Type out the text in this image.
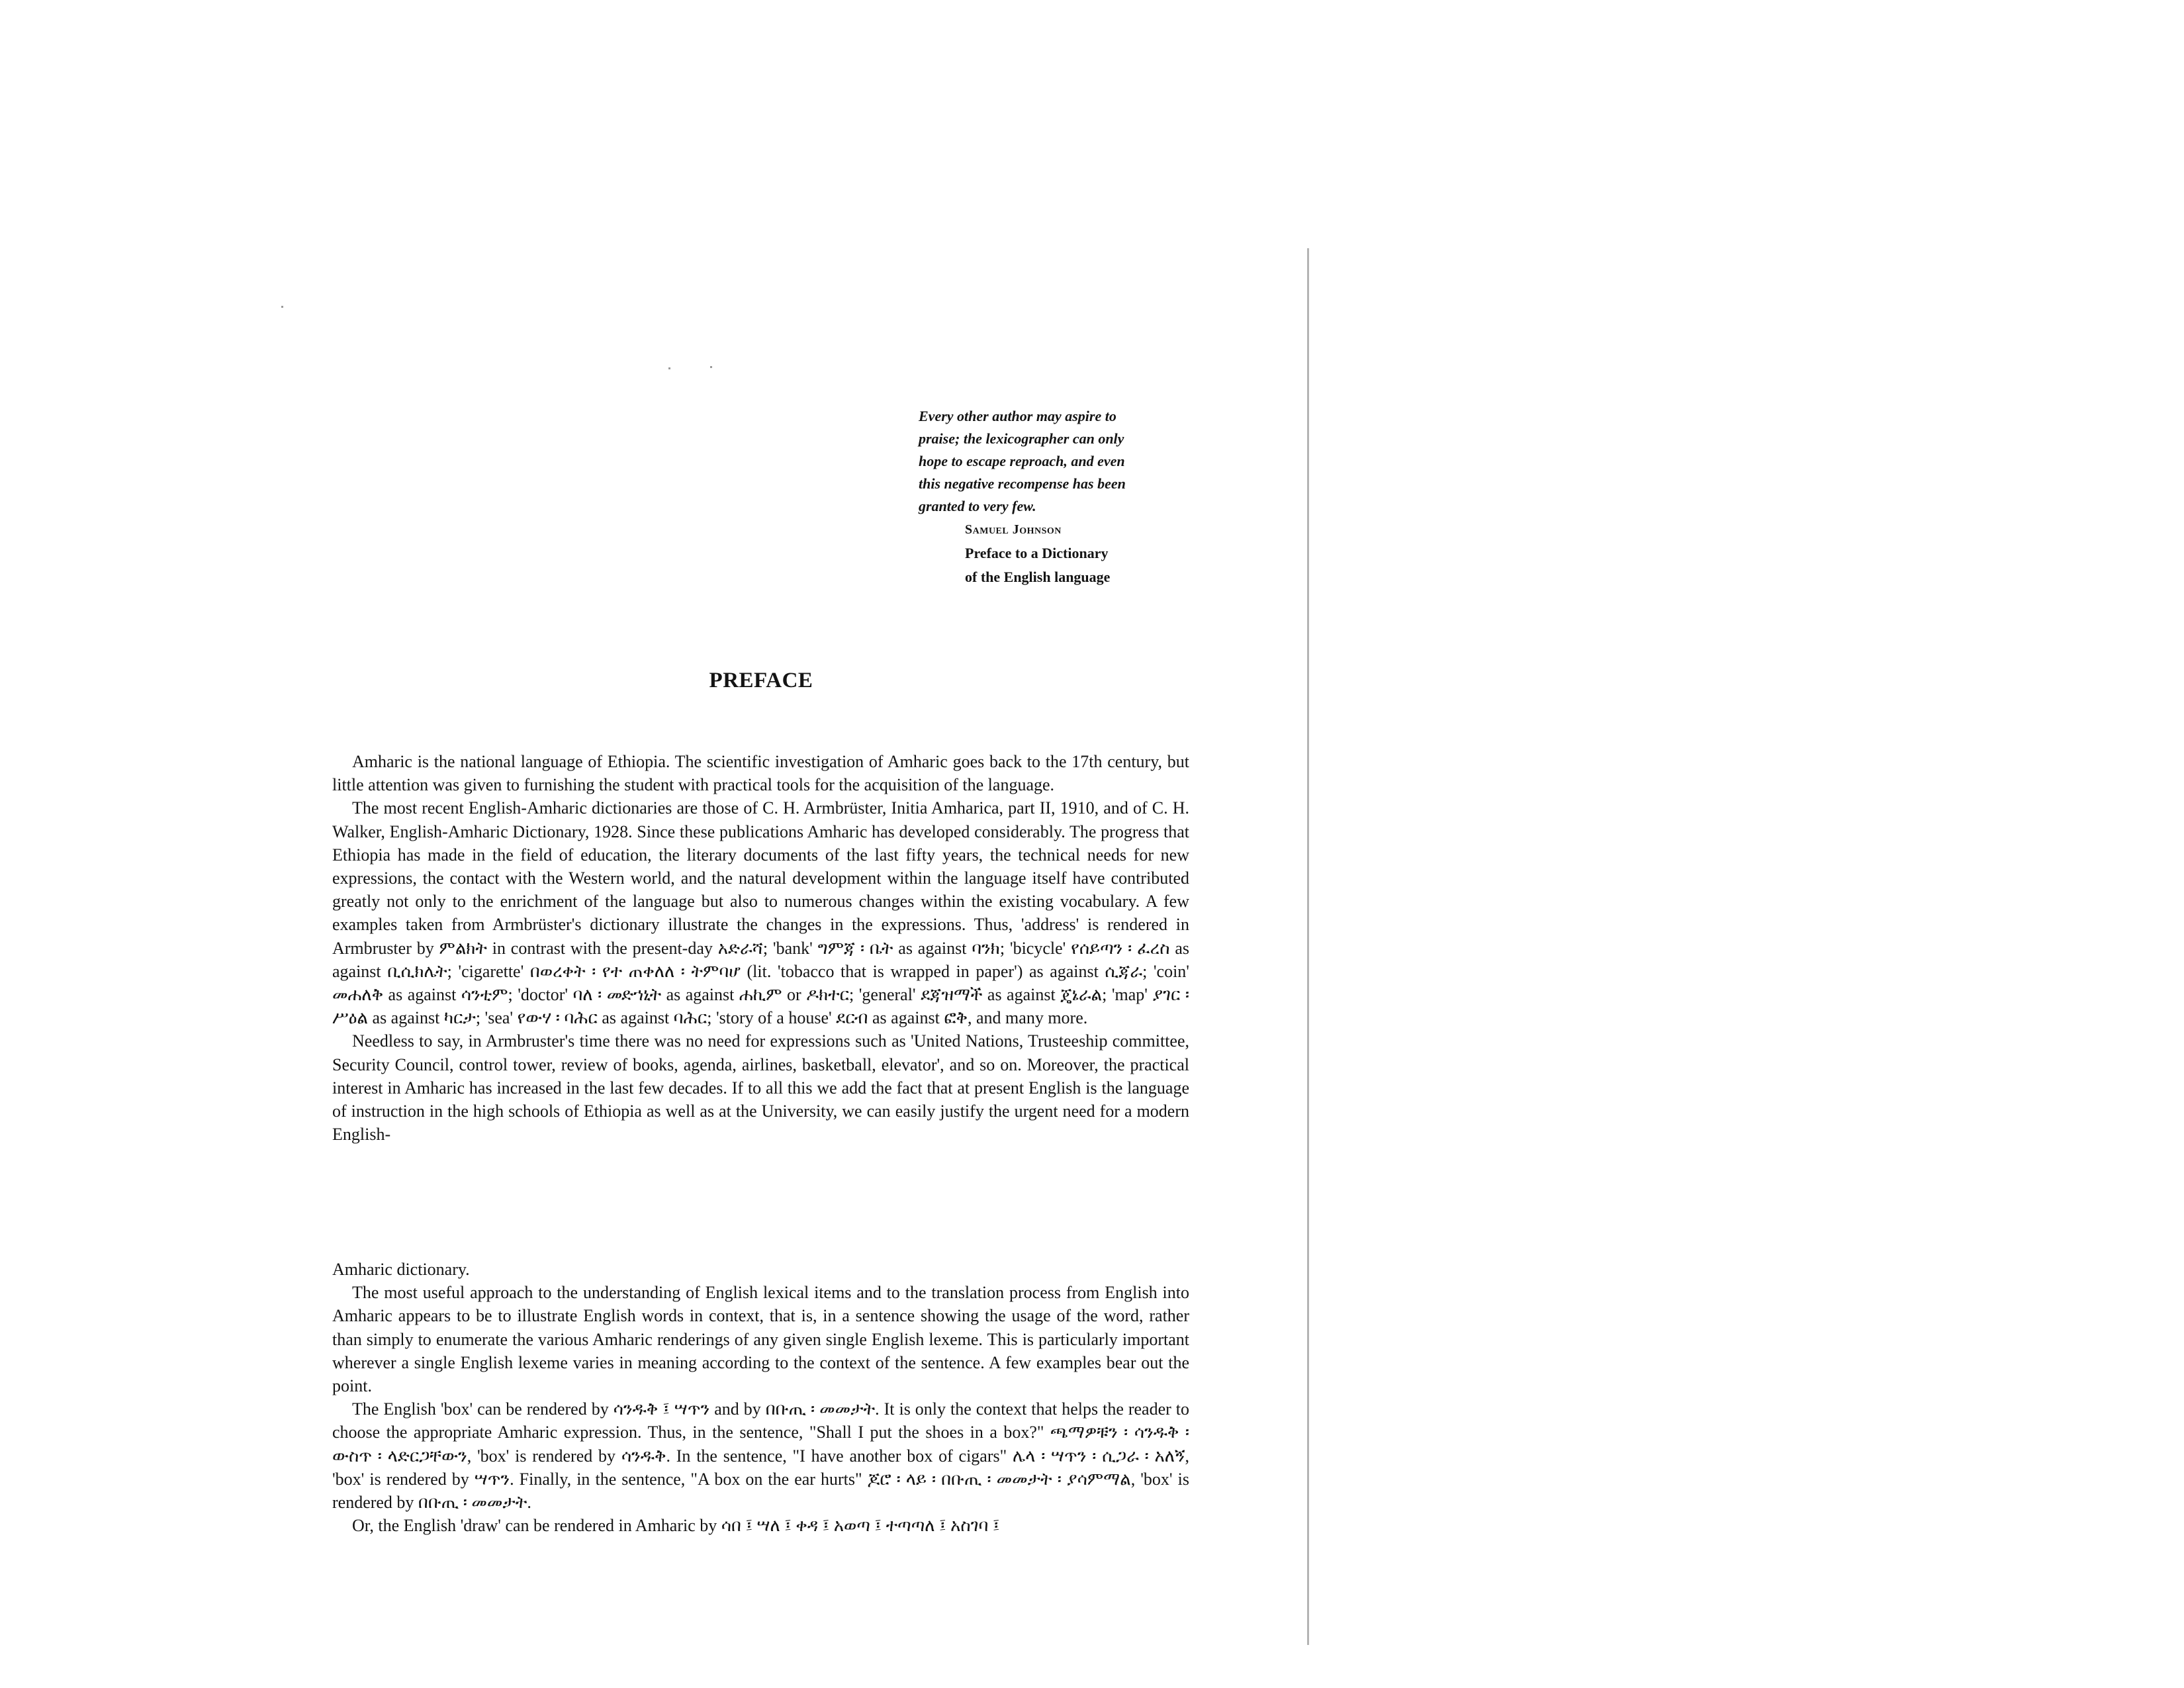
Every other author may aspire to
praise; the lexicographer can only
hope to escape reproach, and even
this negative recompense has been
granted to very few.
Samuel Johnson
Preface to a Dictionary
of the English language
PREFACE

Amharic is the national language of Ethiopia. The scientific investigation of Amharic goes back to the 17th century, but little attention was given to furnishing the student with practical tools for the acquisition of the language.

The most recent English-Amharic dictionaries are those of C. H. Armbrüster, Initia Amharica, part II, 1910, and of C. H. Walker, English-Amharic Dictionary, 1928. Since these publications Amharic has developed considerably. The progress that Ethiopia has made in the field of education, the literary documents of the last fifty years, the technical needs for new expressions, the contact with the Western world, and the natural development within the language itself have contributed greatly not only to the enrichment of the language but also to numerous changes within the existing vocabulary. A few examples taken from Armbrüster's dictionary illustrate the changes in the expressions. Thus, 'address' is rendered in Armbruster by ምልክት in contrast with the present-day አድራሻ; 'bank' ግምጃ ፡ ቤት as against ባንክ; 'bicycle' የሰይጣን ፡ ፈረስ as against ቢሲክሌት; 'cigarette' በወረቀት ፡ የተ ጠቀለለ ፡ ትምባሆ (lit. 'tobacco that is wrapped in paper') as against ሲጃራ; 'coin' መሐለቅ as against ሳንቲም; 'doctor' ባለ ፡ መድኀኒት as against ሐኪም or ዶክተር; 'general' ደጃዝማች as against ጄኔራል; 'map' ያገር ፡ ሥዕል as against ካርታ; 'sea' የውሃ ፡ ባሕር as against ባሕር; 'story of a house' ደርብ as against ፎቅ, and many more.

Needless to say, in Armbruster's time there was no need for expressions such as 'United Nations, Trusteeship committee, Security Council, control tower, review of books, agenda, airlines, basketball, elevator', and so on. Moreover, the practical interest in Amharic has increased in the last few decades. If to all this we add the fact that at present English is the language of instruction in the high schools of Ethiopia as well as at the University, we can easily justify the urgent need for a modern English-

Amharic dictionary.

The most useful approach to the understanding of English lexical items and to the translation process from English into Amharic appears to be to illustrate English words in context, that is, in a sentence showing the usage of the word, rather than simply to enumerate the various Amharic renderings of any given single English lexeme. This is particularly important wherever a single English lexeme varies in meaning according to the context of the sentence. A few examples bear out the point.

The English 'box' can be rendered by ሳንዱቅ ፤ ሣጥን and by በቡጢ ፡ መመታት. It is only the context that helps the reader to choose the appropriate Amharic expression. Thus, in the sentence, "Shall I put the shoes in a box?" ጫማዎቹን ፡ ሳንዱቅ ፡ ውስጥ ፡ ላድርጋቸውን, 'box' is rendered by ሳንዱቅ. In the sentence, "I have another box of cigars" ሌላ ፡ ሣጥን ፡ ሲጋራ ፡ አለኝ, 'box' is rendered by ሣጥን. Finally, in the sentence, "A box on the ear hurts" ጆሮ ፡ ላይ ፡ በቡጢ ፡ መመታት ፡ ያሳምማል, 'box' is rendered by በቡጢ ፡ መመታት.

Or, the English 'draw' can be rendered in Amharic by ሳበ ፤ ሣለ ፤ ቀዳ ፤ አወጣ ፤ ተጣጣለ ፤ አስገባ ፤
